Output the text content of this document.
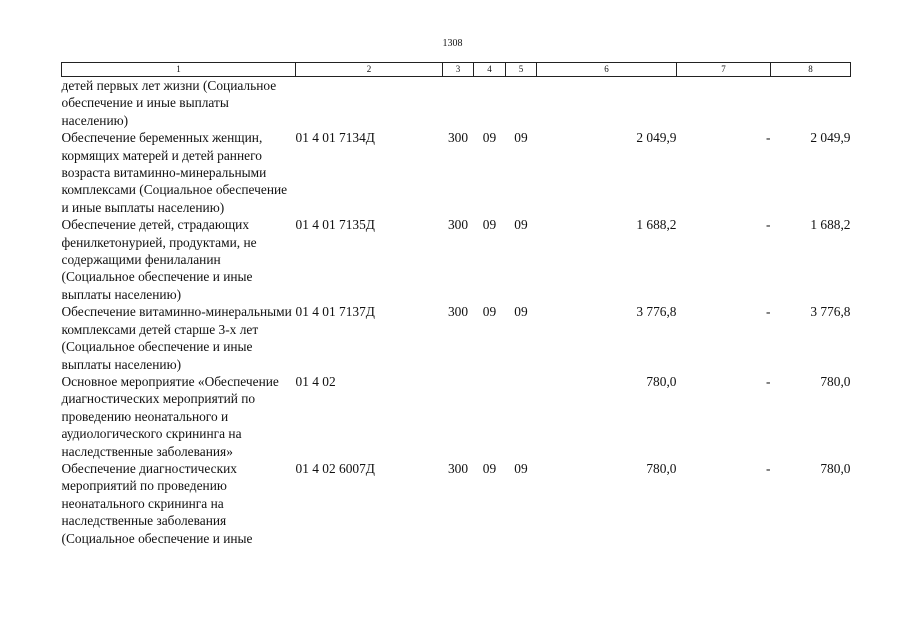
1308
1	2	3	4	5	6	7	8
детей первых лет жизни (Социальное обеспечение и иные выплаты населению)							
Обеспечение беременных женщин, кормящих матерей и детей раннего возраста витаминно-минеральными комплексами (Социальное обеспечение и иные выплаты населению)	01 4 01 7134Д	300	09	09	2 049,9	-	2 049,9
Обеспечение детей, страдающих фенилкетонурией, продуктами, не содержащими фенилаланин (Социальное обеспечение и иные выплаты населению)	01 4 01 7135Д	300	09	09	1 688,2	-	1 688,2
Обеспечение витаминно-минеральными комплексами детей старше 3-х лет (Социальное обеспечение и иные выплаты населению)	01 4 01 7137Д	300	09	09	3 776,8	-	3 776,8
Основное мероприятие «Обеспечение диагностических мероприятий по проведению неонатального и аудиологического скрининга на наследственные заболевания»	01 4 02				780,0	-	780,0
Обеспечение диагностических мероприятий по проведению неонатального скрининга на наследственные заболевания (Социальное обеспечение и иные	01 4 02 6007Д	300	09	09	780,0	-	780,0
